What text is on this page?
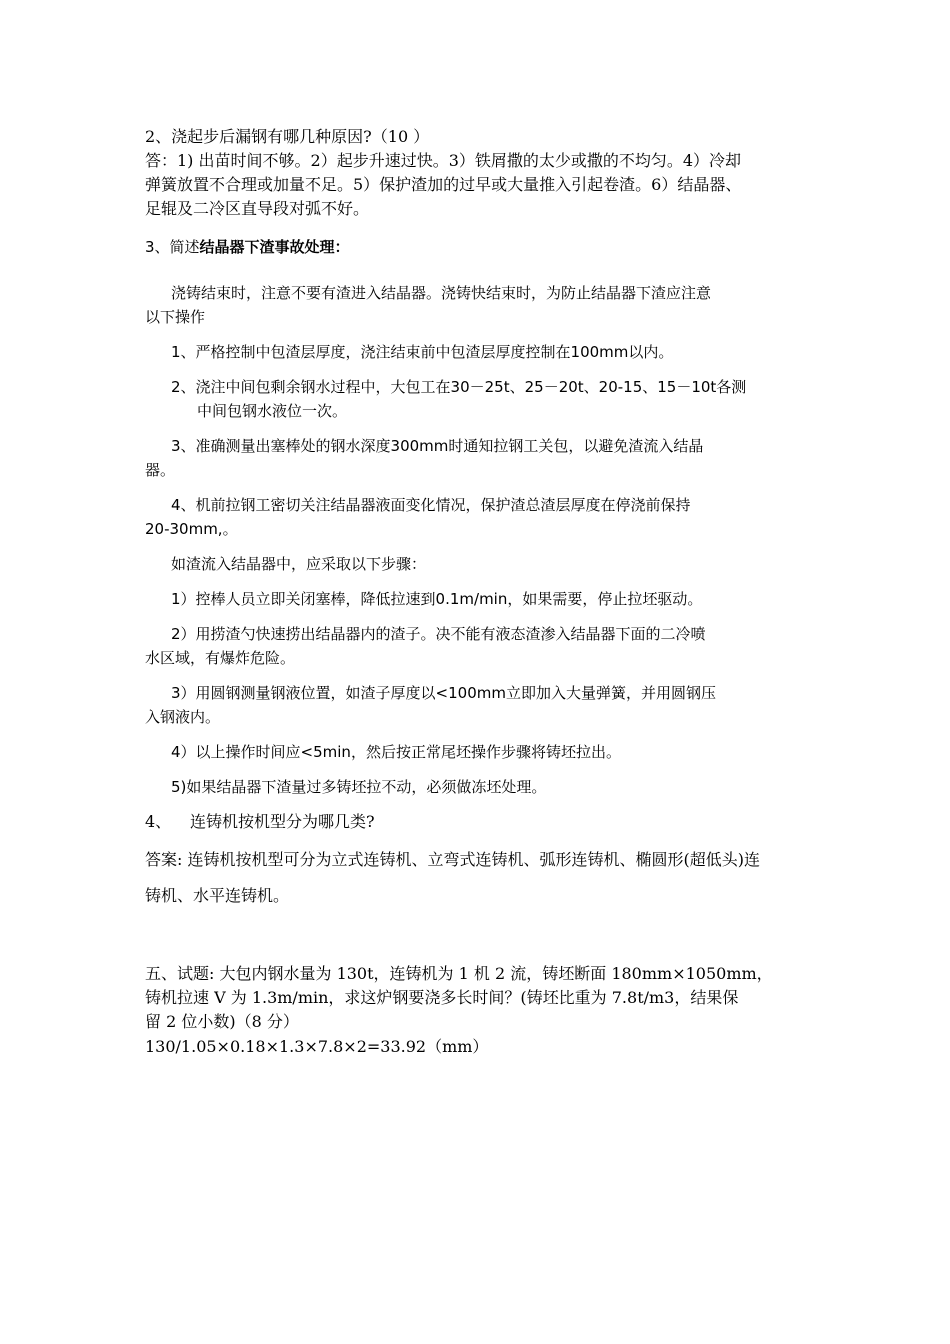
2、浇起步后漏钢有哪几种原因?（10 ）
答：1) 出苗时间不够。2）起步升速过快。3）铁屑撒的太少或撒的不均匀。4）冷却
弹簧放置不合理或加量不足。5）保护渣加的过早或大量推入引起卷渣。6）结晶器、
足辊及二冷区直导段对弧不好。
3、简述结晶器下渣事故处理：
浇铸结束时，注意不要有渣进入结晶器。浇铸快结束时，为防止结晶器下渣应注意
以下操作
1、严格控制中包渣层厚度，浇注结束前中包渣层厚度控制在100mm以内。
2、浇注中间包剩余钢水过程中，大包工在30－25t、25－20t、20-15、15－10t各测
中间包钢水液位一次。
3、准确测量出塞棒处的钢水深度300mm时通知拉钢工关包，以避免渣流入结晶
器。
4、机前拉钢工密切关注结晶器液面变化情况，保护渣总渣层厚度在停浇前保持
20-30mm,。
如渣流入结晶器中，应采取以下步骤：
1）控棒人员立即关闭塞棒，降低拉速到0.1m/min，如果需要，停止拉坯驱动。
2）用捞渣勺快速捞出结晶器内的渣子。决不能有液态渣渗入结晶器下面的二冷喷
水区域，有爆炸危险。
3）用圆钢测量钢液位置，如渣子厚度以<100mm立即加入大量弹簧，并用圆钢压
入钢液内。
4）以上操作时间应<5min，然后按正常尾坯操作步骤将铸坯拉出。
5)如果结晶器下渣量过多铸坯拉不动，必须做冻坯处理。
4、 连铸机按机型分为哪几类?
答案: 连铸机按机型可分为立式连铸机、立弯式连铸机、弧形连铸机、椭圆形(超低头)连
铸机、水平连铸机。
五、试题: 大包内钢水量为 130t，连铸机为 1 机 2 流，铸坯断面 180mm×1050mm，
铸机拉速 V 为 1.3m/min，求这炉钢要浇多长时间？(铸坯比重为 7.8t/m3，结果保
留 2 位小数)（8 分）
130/1.05×0.18×1.3×7.8×2=33.92（mm）
